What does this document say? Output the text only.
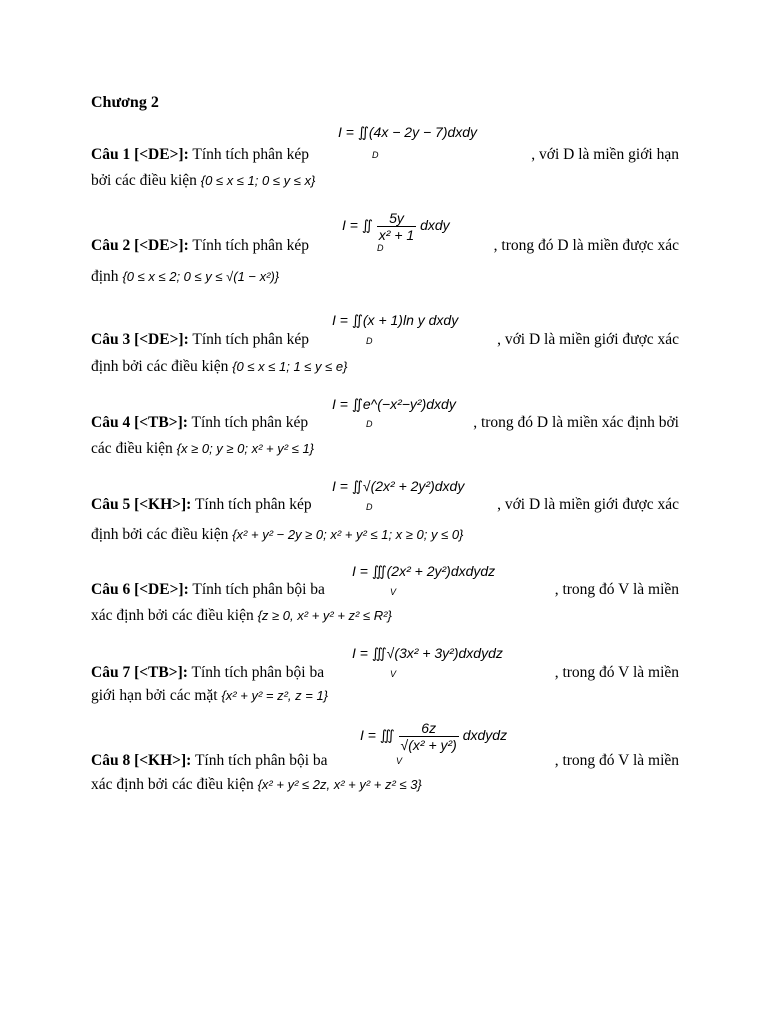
Chương 2
I = ∬(4x − 2y − 7)dxdy
D
Câu 1 [<DE>]: Tính tích phân kép	, với D là miền giới hạn
bởi các điều kiện {0 ≤ x ≤ 1; 0 ≤ y ≤ x}
I = ∬ $\frac{5y}{\text{x² + 1}}$ dxdy
D
Câu 2 [<DE>]: Tính tích phân kép	, trong đó D là miền được xác
định {0 ≤ x ≤ 2; 0 ≤ y ≤ √(1 − x²)}
I = ∬(x + 1)ln y dxdy
D
Câu 3 [<DE>]: Tính tích phân kép	, với D là miền giới được xác
định bởi các điều kiện {0 ≤ x ≤ 1; 1 ≤ y ≤ e}
I = ∬e^(−x²−y²)dxdy
D
Câu 4 [<TB>]: Tính tích phân kép	, trong đó D là miền xác định bởi
các điều kiện {x ≥ 0; y ≥ 0; x² + y² ≤ 1}
I = ∬√(2x² + 2y²)dxdy
D
Câu 5 [<KH>]: Tính tích phân kép	, với D là miền giới được xác
định bởi các điều kiện {x² + y² − 2y ≥ 0; x² + y² ≤ 1; x ≥ 0; y ≤ 0}
I = ∭(2x² + 2y²)dxdydz
V
Câu 6 [<DE>]: Tính tích phân bội ba	, trong đó V là miền
xác định bởi các điều kiện {z ≥ 0, x² + y² + z² ≤ R²}
I = ∭√(3x² + 3y²)dxdydz
V
Câu 7 [<TB>]: Tính tích phân bội ba	, trong đó V là miền
giới hạn bởi các mặt {x² + y² = z², z = 1}
I = ∭ $\frac{6z}{\text{√(x² + y²)}}$ dxdydz
V
Câu 8 [<KH>]: Tính tích phân bội ba	, trong đó V là miền
xác định bởi các điều kiện {x² + y² ≤ 2z, x² + y² + z² ≤ 3}
